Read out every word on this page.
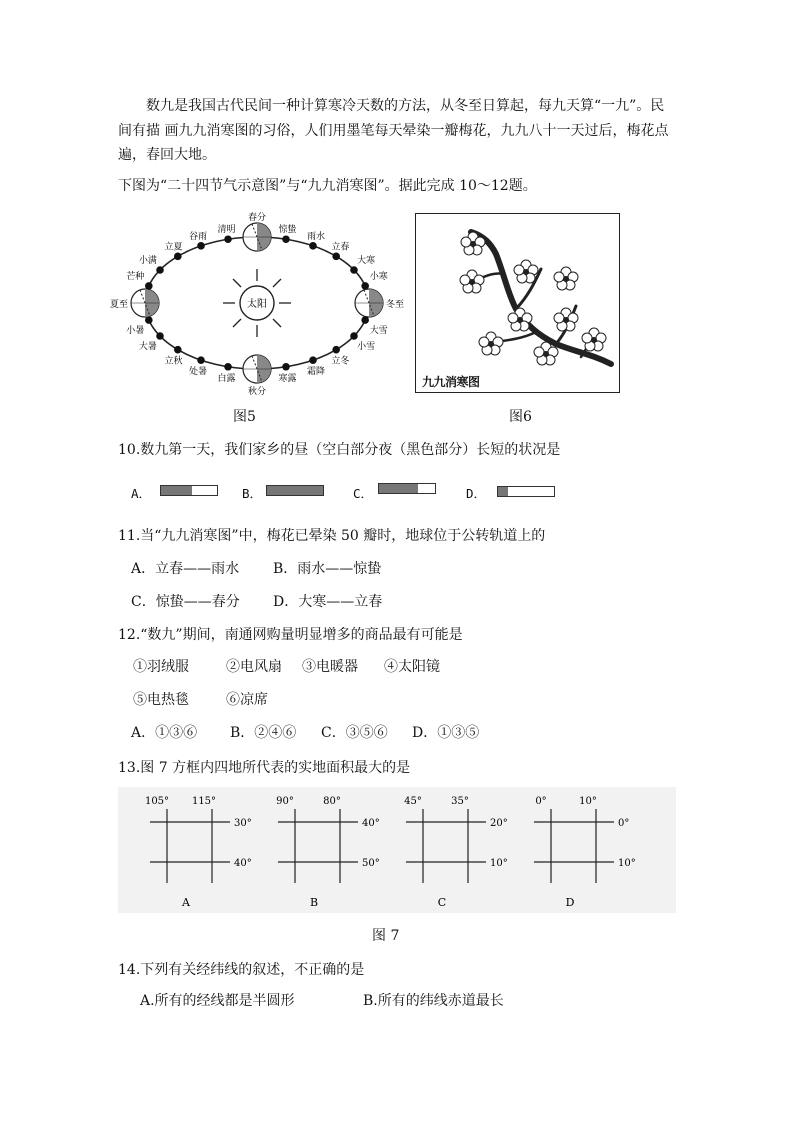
数九是我国古代民间一种计算寒冷天数的方法，从冬至日算起，每九天算“一九”。民间有描 画九九消寒图的习俗，人们用墨笔每天晕染一瓣梅花，九九八十一天过后，梅花点遍，春回大地。
下图为“二十四节气示意图”与“九九消寒图”。据此完成 10～12题。
太阳
春分
惊蛰
雨水
立春
大寒
小寒
冬至
大雪
小雪
立冬
霜降
寒露
秋分
白露
处暑
立秋
大暑
小暑
夏至
芒种
小满
立夏
谷雨
清明
图5
九九消寒图
图6
10.数九第一天，我们家乡的昼（空白部分夜（黑色部分）长短的状况是
A．	B．	C．	D．
11.当“九九消寒图”中，梅花已晕染 50 瓣时，地球位于公转轨道上的
A．立春——雨水 B．雨水——惊蛰
C．惊蛰——春分 D．大寒——立春
12.“数九”期间，南通网购量明显增多的商品最有可能是
①羽绒服	②电风扇 ③电暖器 ④太阳镜
⑤电热毯	⑥凉席
A．①③⑥ B．②④⑥ C．③⑤⑥ D．①③⑤
13.图 7 方框内四地所代表的实地面积最大的是
105° 115°
30°
40°
A
90°	80°
40°
50°
B
45°	35°
20°
10°
C
0°	10°
0°
10°
D
图 7
14.下列有关经纬线的叙述，不正确的是
A.所有的经线都是半圆形	B.所有的纬线赤道最长
